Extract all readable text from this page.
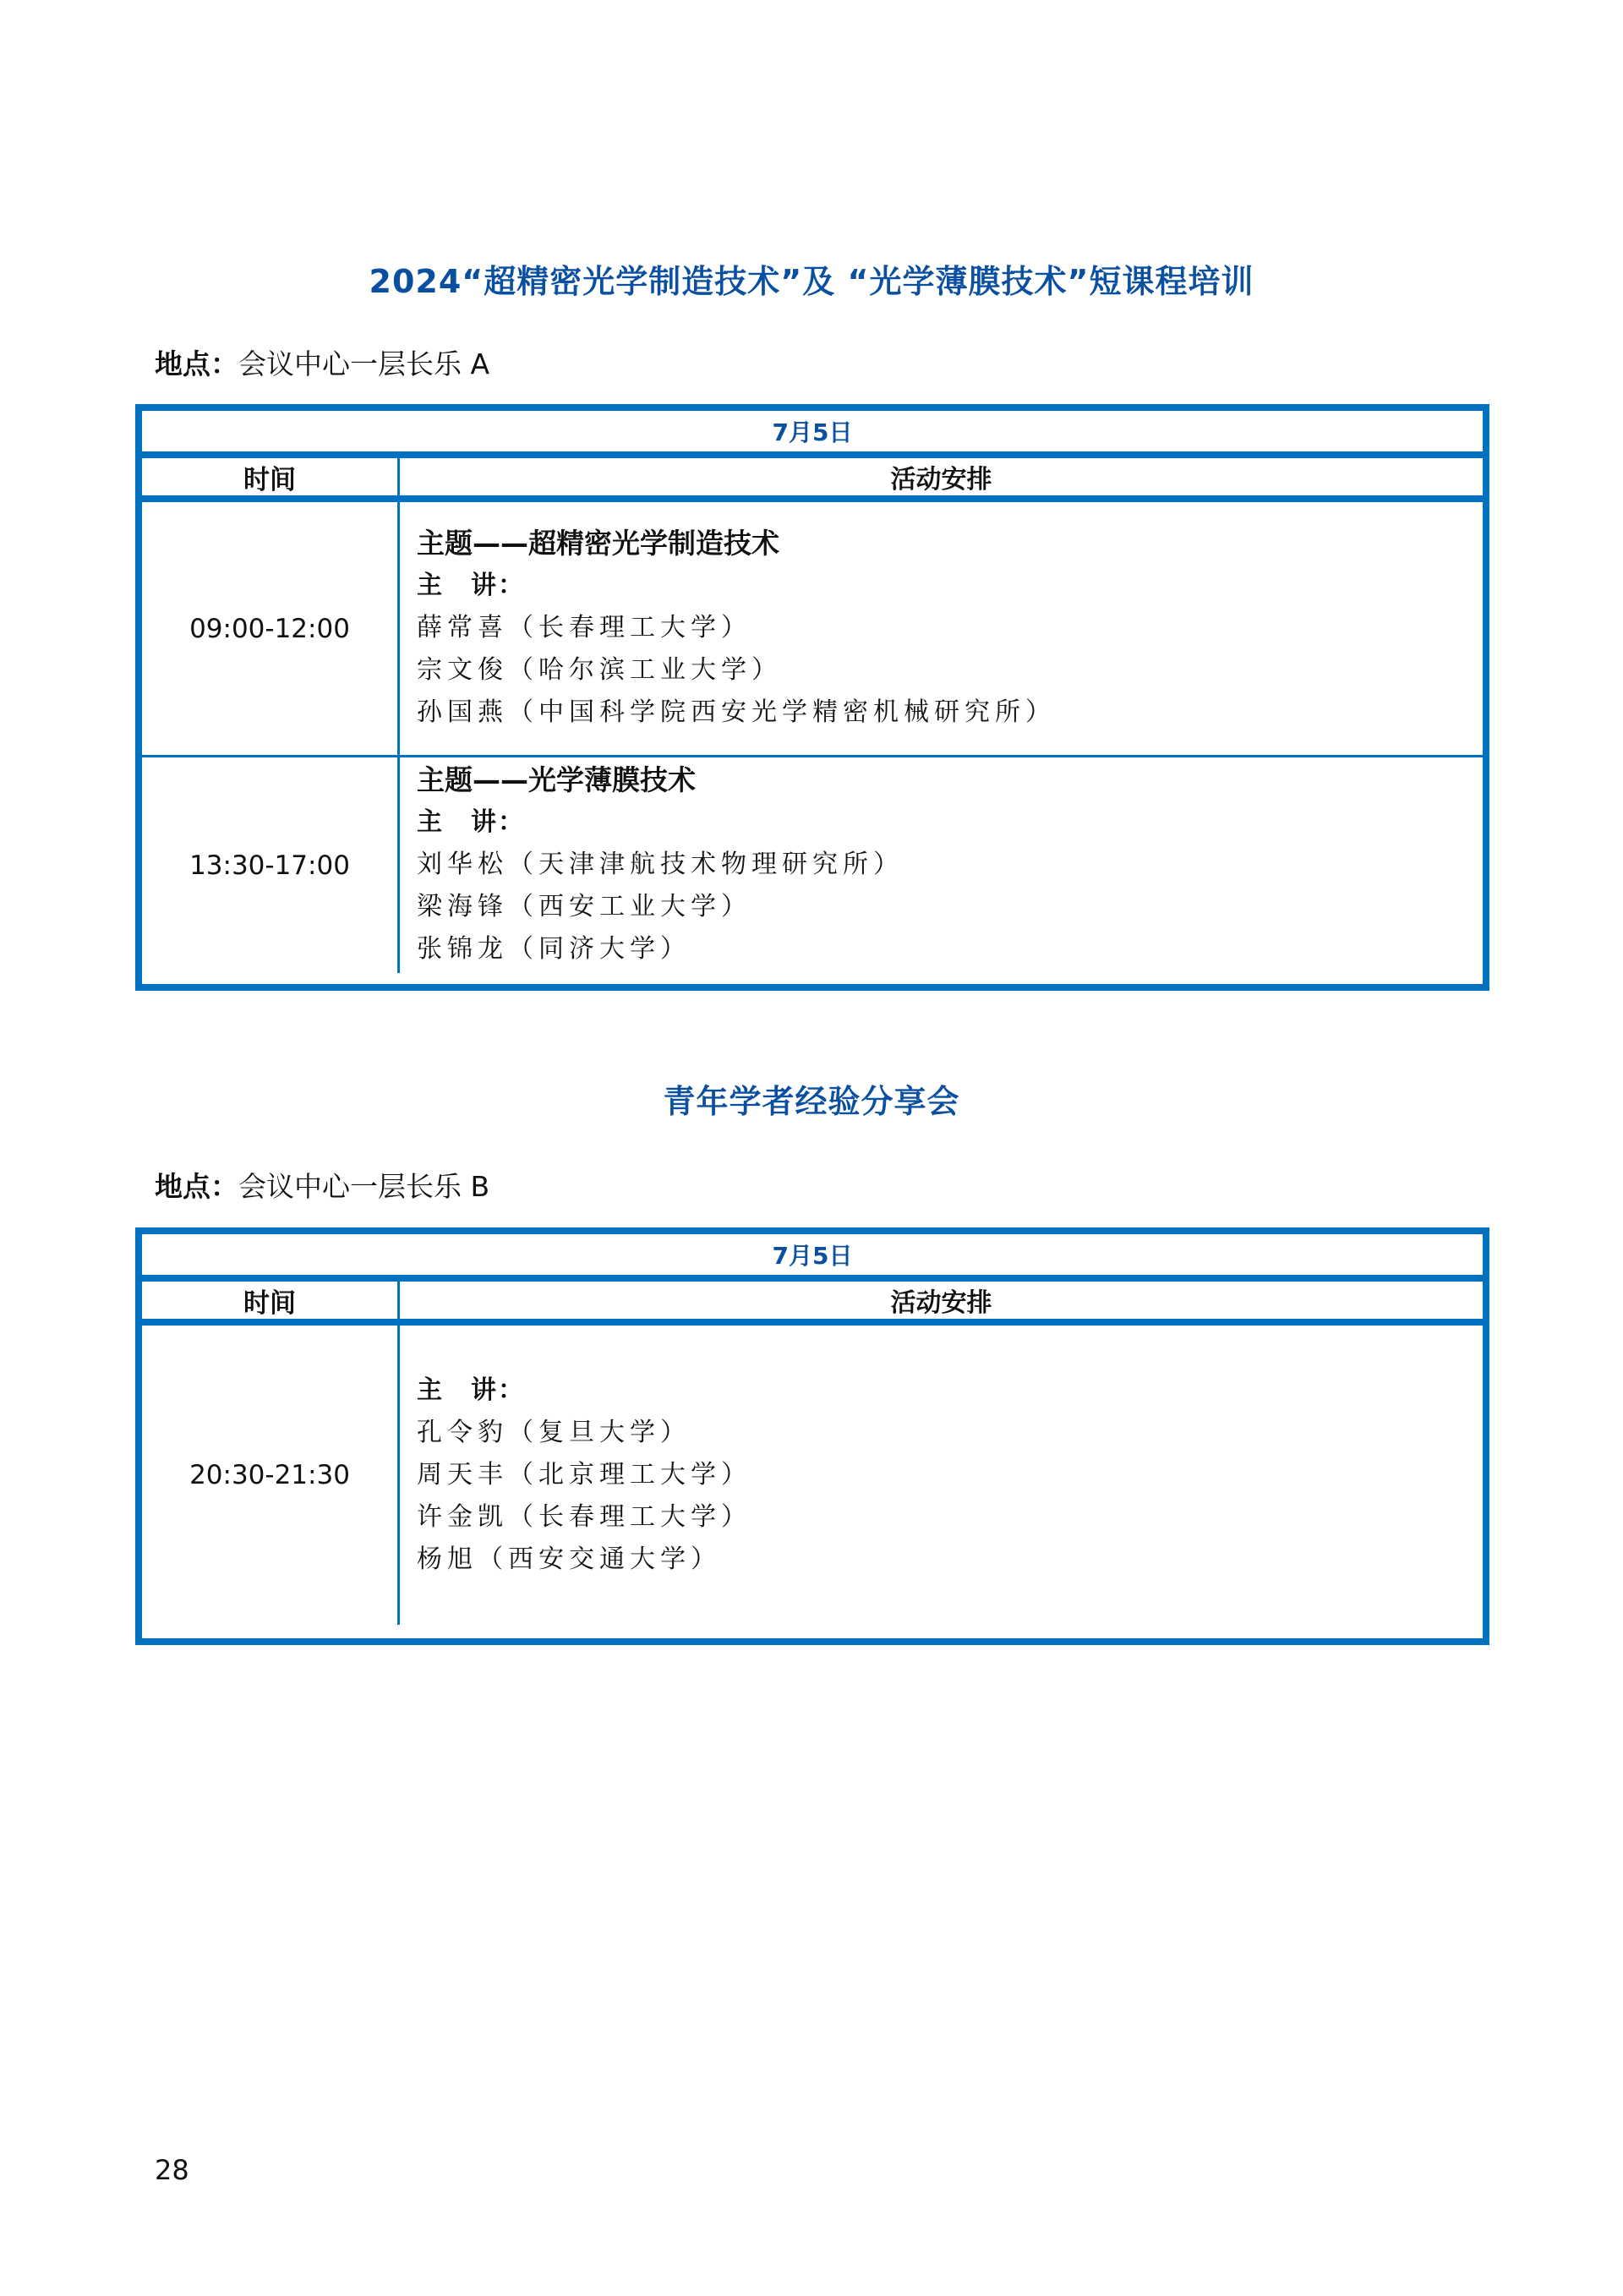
2024“超精密光学制造技术”及 “光学薄膜技术”短课程培训
地点：会议中心一层长乐 A
7月5日
时间	活动安排
09:00-12:00
主题——超精密光学制造技术
主　讲：
薛常喜（长春理工大学）
宗文俊（哈尔滨工业大学）
孙国燕（中国科学院西安光学精密机械研究所）
13:30-17:00
主题——光学薄膜技术
主　讲：
刘华松（天津津航技术物理研究所）
梁海锋（西安工业大学）
张锦龙（同济大学）
青年学者经验分享会
地点：会议中心一层长乐 B
7月5日
时间	活动安排
20:30-21:30
主　讲：
孔令豹（复旦大学）
周天丰（北京理工大学）
许金凯（长春理工大学）
杨旭（西安交通大学）
28
